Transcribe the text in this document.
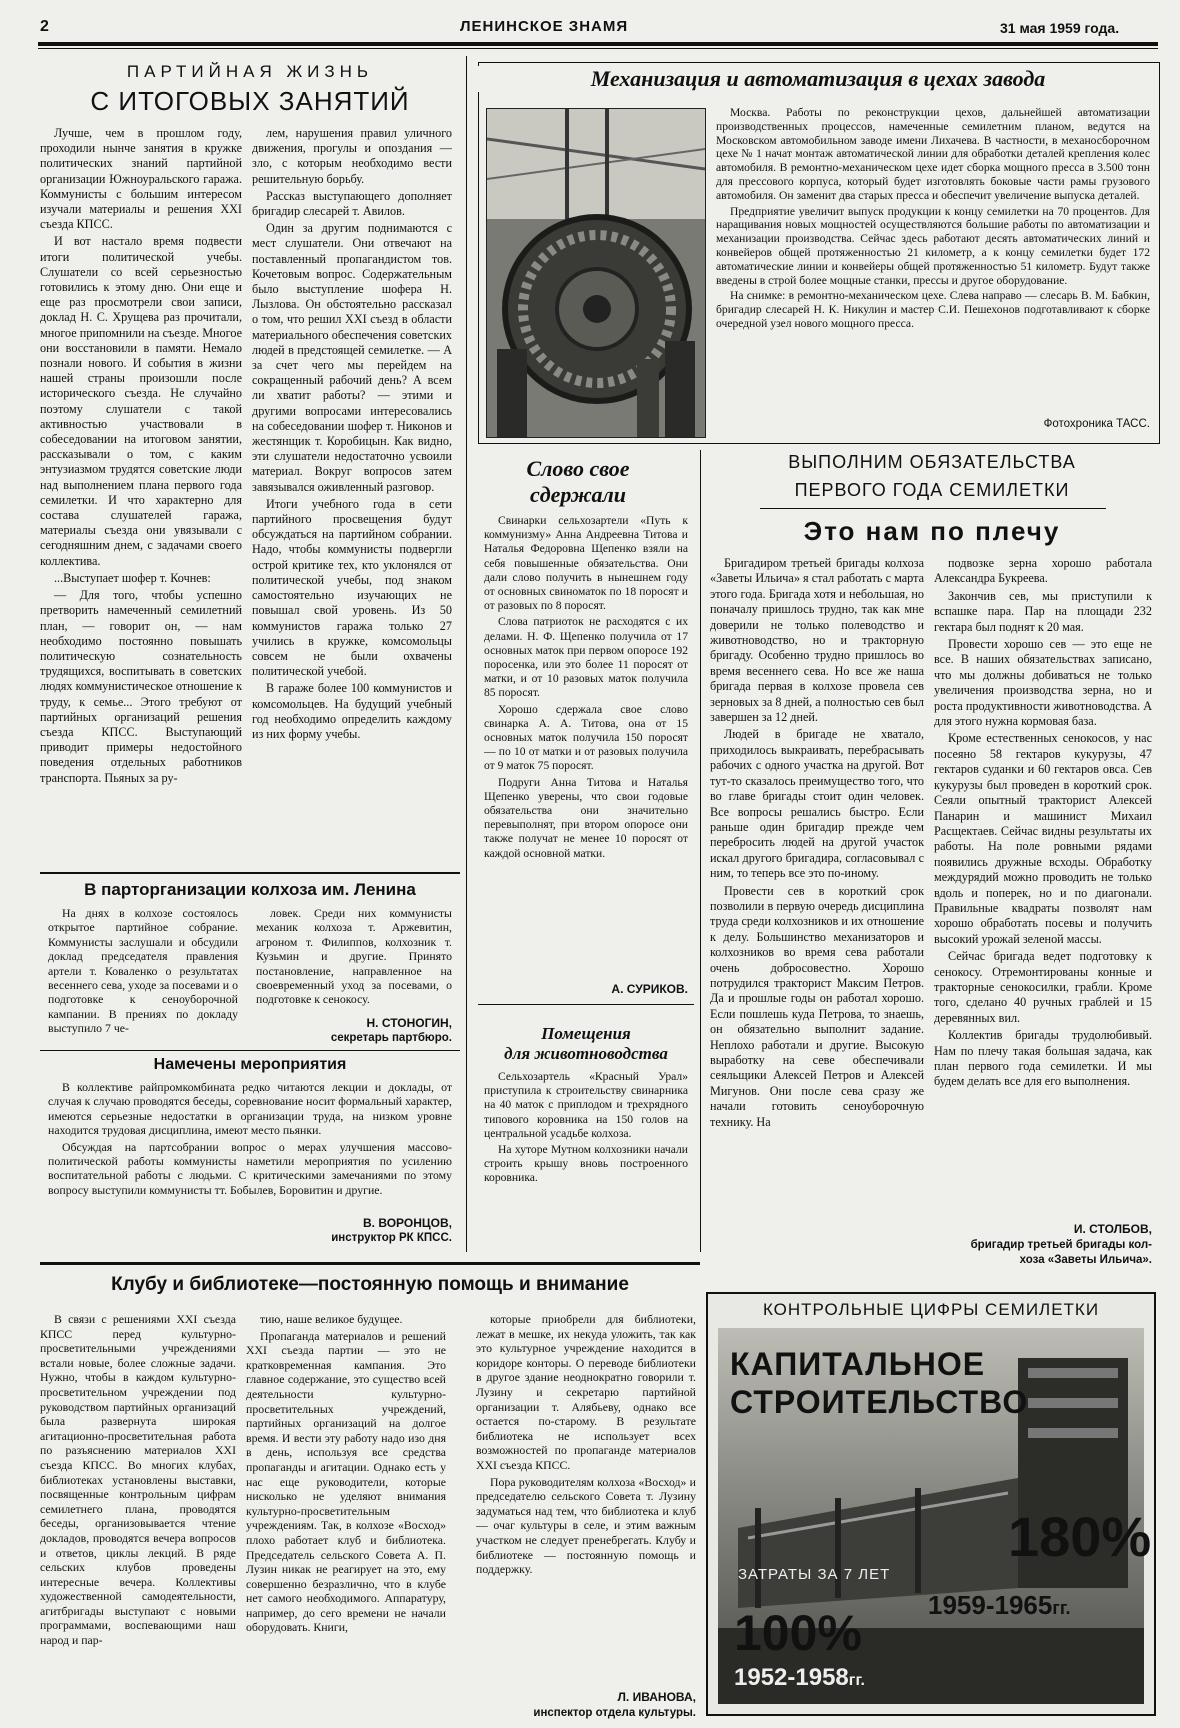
2	ЛЕНИНСКОЕ ЗНАМЯ	31 мая 1959 года.
ПАРТИЙНАЯ ЖИЗНЬ
С ИТОГОВЫХ ЗАНЯТИЙ

Лучше, чем в прошлом году, проходили нынче занятия в кружке политических знаний партийной организации Южноуральского гаража. Коммунисты с большим интересом изучали материалы и решения XXI съезда КПСС.

И вот настало время подвести итоги политической учебы. Слушатели со всей серьезностью готовились к этому дню. Они еще и еще раз просмотрели свои записи, доклад Н. С. Хрущева раз прочитали, многое припомнили на съезде. Многое они восстановили в памяти. Немало познали нового. И события в жизни нашей страны произошли после исторического съезда. Не случайно поэтому слушатели с такой активностью участвовали в собеседовании на итоговом занятии, рассказывали о том, с каким энтузиазмом трудятся советские люди над выполнением плана первого года семилетки. И что характерно для состава слушателей гаража, материалы съезда они увязывали с сегодняшним днем, с задачами своего коллектива.

...Выступает шофер т. Кочнев:

— Для того, чтобы успешно претворить намеченный семилетний план, — говорит он, — нам необходимо постоянно повышать политическую сознательность трудящихся, воспитывать в советских людях коммунистическое отношение к труду, к семье... Этого требуют от партийных организаций решения съезда КПСС. Выступающий приводит примеры недостойного поведения отдельных работников транспорта. Пьяных за ру-

лем, нарушения правил уличного движения, прогулы и опоздания — зло, с которым необходимо вести решительную борьбу.

Рассказ выступающего дополняет бригадир слесарей т. Авилов.

Один за другим поднимаются с мест слушатели. Они отвечают на поставленный пропагандистом тов. Кочетовым вопрос. Содержательным было выступление шофера Н. Лызлова. Он обстоятельно рассказал о том, что решил XXI съезд в области материального обеспечения советских людей в предстоящей семилетке. — А за счет чего мы перейдем на сокращенный рабочий день? А всем ли хватит работы? — этими и другими вопросами интересовались на собеседовании шофер т. Никонов и жестянщик т. Коробицын. Как видно, эти слушатели недостаточно усвоили материал. Вокруг вопросов затем завязывался оживленный разговор.

Итоги учебного года в сети партийного просвещения будут обсуждаться на партийном собрании. Надо, чтобы коммунисты подвергли острой критике тех, кто уклонялся от политической учебы, под знаком самостоятельно изучающих не повышал свой уровень. Из 50 коммунистов гаража только 27 учились в кружке, комсомольцы совсем не были охвачены политической учебой.

В гараже более 100 коммунистов и комсомольцев. На будущий учебный год необходимо определить каждому из них форму учебы.

В парторганизации колхоза им. Ленина

На днях в колхозе состоялось открытое партийное собрание. Коммунисты заслушали и обсудили доклад председателя правления артели т. Коваленко о результатах весеннего сева, уходе за посевами и о подготовке к сеноуборочной кампании. В прениях по докладу выступило 7 че-

ловек. Среди них коммунисты механик колхоза т. Аржевитин, агроном т. Филиппов, колхозник т. Кузьмин и другие. Принято постановление, направленное на своевременный уход за посевами, о подготовке к сенокосу.

Н. СТОНОГИН,
секретарь партбюро.
Намечены мероприятия

В коллективе райпромкомбината редко читаются лекции и доклады, от случая к случаю проводятся беседы, соревнование носит формальный характер, имеются серьезные недостатки в организации труда, на низком уровне находится трудовая дисциплина, имеют место пьянки.

Обсуждая на партсобрании вопрос о мерах улучшения массово-политической работы коммунисты наметили мероприятия по усилению воспитательной работы с людьми. С критическими замечаниями по этому вопросу выступили коммунисты тт. Бобылев, Боровитин и другие.

В. ВОРОНЦОВ,
инструктор РК КПСС.
Механизация и автоматизация в цехах завода

Москва. Работы по реконструкции цехов, дальнейшей автоматизации производственных процессов, намеченные семилетним планом, ведутся на Московском автомобильном заводе имени Лихачева. В частности, в механосборочном цехе № 1 начат монтаж автоматической линии для обработки деталей крепления колес автомобиля. В ремонтно-механическом цехе идет сборка мощного пресса в 3.500 тонн для прессового корпуса, который будет изготовлять боковые части рамы грузового автомобиля. Он заменит два старых пресса и обеспечит увеличение выпуска деталей.

Предприятие увеличит выпуск продукции к концу семилетки на 70 процентов. Для наращивания новых мощностей осуществляются большие работы по автоматизации и механизации производства. Сейчас здесь работают десять автоматических линий и конвейеров общей протяженностью 21 километр, а к концу семилетки будет 172 автоматические линии и конвейеры общей протяженностью 51 километр. Будут также введены в строй более мощные станки, прессы и другое оборудование.

На снимке: в ремонтно-механическом цехе. Слева направо — слесарь В. М. Бабкин, бригадир слесарей Н. К. Никулин и мастер С.И. Пешехонов подготавливают к сборке очередной узел нового мощного пресса.

Фотохроника ТАСС.
Слово свое
сдержали

Свинарки сельхозартели «Путь к коммунизму» Анна Андреевна Титова и Наталья Федоровна Щепенко взяли на себя повышенные обязательства. Они дали слово получить в нынешнем году от основных свиноматок по 18 поросят и от разовых по 8 поросят.

Слова патриоток не расходятся с их делами. Н. Ф. Щепенко получила от 17 основных маток при первом опоросе 192 поросенка, или это более 11 поросят от матки, и от 10 разовых маток получила 85 поросят.

Хорошо сдержала свое слово свинарка А. А. Титова, она от 15 основных маток получила 150 поросят — по 10 от матки и от разовых получила от 9 маток 75 поросят.

Подруги Анна Титова и Наталья Щепенко уверены, что свои годовые обязательства они значительно перевыполнят, при втором опоросе они также получат не менее 10 поросят от каждой основной матки.

А. СУРИКОВ.
Помещения
для животноводства

Сельхозартель «Красный Урал» приступила к строительству свинарника на 40 маток с приплодом и трехрядного типового коровника на 150 голов на центральной усадьбе колхоза.

На хуторе Мутном колхозники начали строить крышу вновь построенного коровника.

ВЫПОЛНИМ ОБЯЗАТЕЛЬСТВА
ПЕРВОГО ГОДА СЕМИЛЕТКИ
Это нам по плечу

Бригадиром третьей бригады колхоза «Заветы Ильича» я стал работать с марта этого года. Бригада хотя и небольшая, но поначалу пришлось трудно, так как мне доверили не только полеводство и животноводство, но и тракторную бригаду. Особенно трудно пришлось во время весеннего сева. Но все же наша бригада первая в колхозе провела сев зерновых за 8 дней, а полностью сев был завершен за 12 дней.

Людей в бригаде не хватало, приходилось выкраивать, перебрасывать рабочих с одного участка на другой. Вот тут-то сказалось преимущество того, что во главе бригады стоит один человек. Все вопросы решались быстро. Если раньше один бригадир прежде чем перебросить людей на другой участок искал другого бригадира, согласовывал с ним, то теперь все это по-иному.

Провести сев в короткий срок позволили в первую очередь дисциплина труда среди колхозников и их отношение к делу. Большинство механизаторов и колхозников во время сева работали очень добросовестно. Хорошо потрудился тракторист Максим Петров. Да и прошлые годы он работал хорошо. Если пошлешь куда Петрова, то знаешь, он обязательно выполнит задание. Неплохо работали и другие. Высокую выработку на севе обеспечивали сеяльщики Алексей Петров и Алексей Мигунов. Они после сева сразу же начали готовить сеноуборочную технику. На

подвозке зерна хорошо работала Александра Букреева.

Закончив сев, мы приступили к вспашке пара. Пар на площади 232 гектара был поднят к 20 мая.

Провести хорошо сев — это еще не все. В наших обязательствах записано, что мы должны добиваться не только увеличения производства зерна, но и роста продуктивности животноводства. А для этого нужна кормовая база.

Кроме естественных сенокосов, у нас посеяно 58 гектаров кукурузы, 47 гектаров суданки и 60 гектаров овса. Сев кукурузы был проведен в короткий срок. Сеяли опытный тракторист Алексей Панарин и машинист Михаил Расщектаев. Сейчас видны результаты их работы. На поле ровными рядами появились дружные всходы. Обработку междурядий можно проводить не только вдоль и поперек, но и по диагонали. Правильные квадраты позволят нам хорошо обработать посевы и получить высокий урожай зеленой массы.

Сейчас бригада ведет подготовку к сенокосу. Отремонтированы конные и тракторные сенокосилки, грабли. Кроме того, сделано 40 ручных граблей и 15 деревянных вил.

Коллектив бригады трудолюбивый. Нам по плечу такая большая задача, как план первого года семилетки. И мы будем делать все для его выполнения.

И. СТОЛБОВ,
бригадир третьей бригады кол-
хоза «Заветы Ильича».
Клубу и библиотеке—постоянную помощь и внимание

В связи с решениями XXI съезда КПСС перед культурно-просветительными учреждениями встали новые, более сложные задачи. Нужно, чтобы в каждом культурно-просветительном учреждении под руководством партийных организаций была развернута широкая агитационно-просветительная работа по разъяснению материалов XXI съезда КПСС. Во многих клубах, библиотеках установлены выставки, посвященные контрольным цифрам семилетнего плана, проводятся беседы, организовывается чтение докладов, проводятся вечера вопросов и ответов, циклы лекций. В ряде сельских клубов проведены интересные вечера. Коллективы художественной самодеятельности, агитбригады выступают с новыми программами, воспевающими наш народ и пар-

тию, наше великое будущее.

Пропаганда материалов и решений XXI съезда партии — это не кратковременная кампания. Это главное содержание, это существо всей деятельности культурно-просветительных учреждений, партийных организаций на долгое время. И вести эту работу надо изо дня в день, используя все средства пропаганды и агитации. Однако есть у нас еще руководители, которые нисколько не уделяют внимания культурно-просветительным учреждениям. Так, в колхозе «Восход» плохо работает клуб и библиотека. Председатель сельского Совета А. П. Лузин никак не реагирует на это, ему совершенно безразлично, что в клубе нет самого необходимого. Аппаратуру, например, до сего времени не начали оборудовать. Книги,

которые приобрели для библиотеки, лежат в мешке, их некуда уложить, так как это культурное учреждение находится в коридоре конторы. О переводе библиотеки в другое здание неоднократно говорили т. Лузину и секретарю партийной организации т. Алябьеву, однако все остается по-старому. В результате библиотека не использует всех возможностей по пропаганде материалов XXI съезда КПСС.

Пора руководителям колхоза «Восход» и председателю сельского Совета т. Лузину задуматься над тем, что библиотека и клуб — очаг культуры в селе, и этим важным участком не следует пренебрегать. Клубу и библиотеке — постоянную помощь и поддержку.

Л. ИВАНОВА,
инспектор отдела культуры.
КОНТРОЛЬНЫЕ ЦИФРЫ СЕМИЛЕТКИ
КАПИТАЛЬНОЕ
СТРОИТЕЛЬСТВО
ЗАТРАТЫ ЗА 7 ЛЕТ
180%
1959-1965гг.
100%
1952-1958гг.
